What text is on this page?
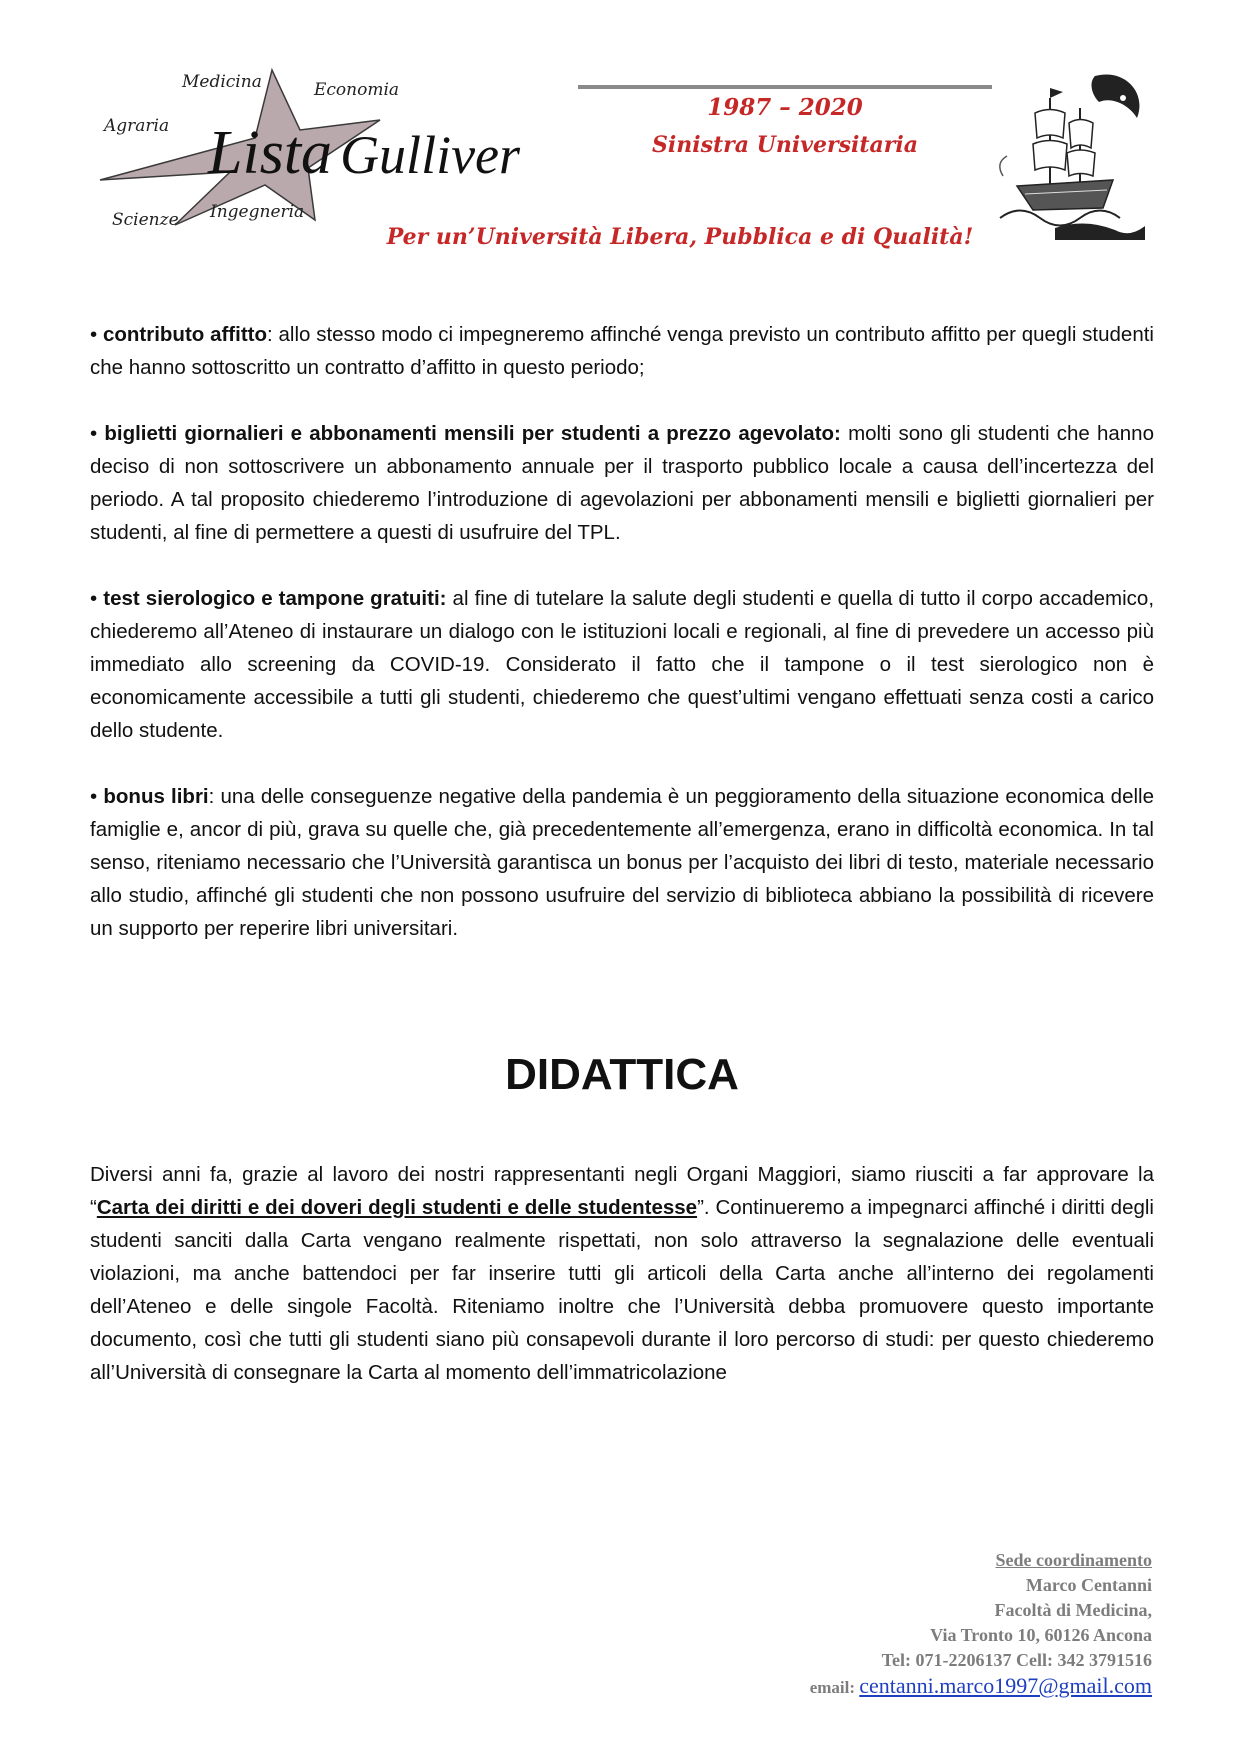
Medicina	Economia
Agraria
Scienze Ingegneria
Lista Gulliver
1987 – 2020
Sinistra Universitaria
Per un’Università Libera, Pubblica e di Qualità!

• contributo affitto: allo stesso modo ci impegneremo affinché venga previsto un contributo affitto per quegli studenti che hanno sottoscritto un contratto d’affitto in questo periodo;

• biglietti giornalieri e abbonamenti mensili per studenti a prezzo agevolato: molti sono gli studenti che hanno deciso di non sottoscrivere un abbonamento annuale per il trasporto pubblico locale a causa dell’incertezza del periodo. A tal proposito chiederemo l’introduzione di agevolazioni per abbonamenti mensili e biglietti giornalieri per studenti, al fine di permettere a questi di usufruire del TPL.

• test sierologico e tampone gratuiti: al fine di tutelare la salute degli studenti e quella di tutto il corpo accademico, chiederemo all’Ateneo di instaurare un dialogo con le istituzioni locali e regionali, al fine di prevedere un accesso più immediato allo screening da COVID-19. Considerato il fatto che il tampone o il test sierologico non è economicamente accessibile a tutti gli studenti, chiederemo che quest’ultimi vengano effettuati senza costi a carico dello studente.

• bonus libri: una delle conseguenze negative della pandemia è un peggioramento della situazione economica delle famiglie e, ancor di più, grava su quelle che, già precedentemente all’emergenza, erano in difficoltà economica. In tal senso, riteniamo necessario che l’Università garantisca un bonus per l’acquisto dei libri di testo, materiale necessario allo studio, affinché gli studenti che non possono usufruire del servizio di biblioteca abbiano la possibilità di ricevere un supporto per reperire libri universitari.

DIDATTICA

Diversi anni fa, grazie al lavoro dei nostri rappresentanti negli Organi Maggiori, siamo riusciti a far approvare la “Carta dei diritti e dei doveri degli studenti e delle studentesse”. Continueremo a impegnarci affinché i diritti degli studenti sanciti dalla Carta vengano realmente rispettati, non solo attraverso la segnalazione delle eventuali violazioni, ma anche battendoci per far inserire tutti gli articoli della Carta anche all’interno dei regolamenti dell’Ateneo e delle singole Facoltà. Riteniamo inoltre che l’Università debba promuovere questo importante documento, così che tutti gli studenti siano più consapevoli durante il loro percorso di studi: per questo chiederemo all’Università di consegnare la Carta al momento dell’immatricolazione

Sede coordinamento
Marco Centanni
Facoltà di Medicina,
Via Tronto 10, 60126 Ancona
Tel: 071-2206137 Cell: 342 3791516
email: centanni.marco1997@gmail.com
